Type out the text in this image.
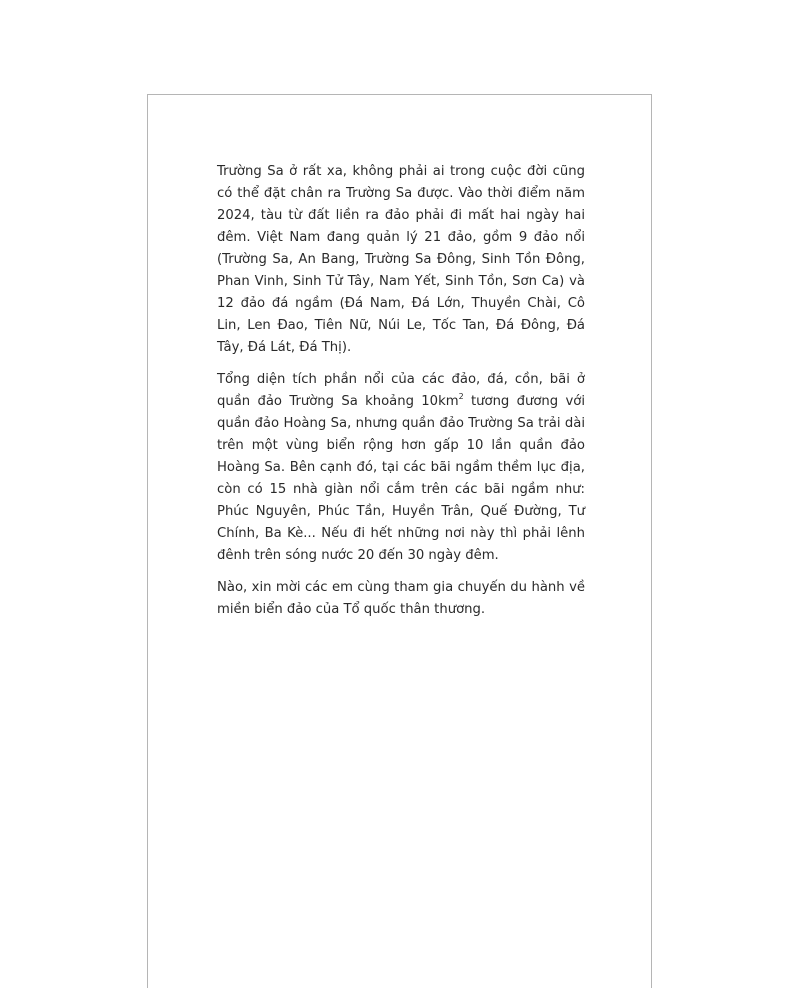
Trường Sa ở rất xa, không phải ai trong cuộc đời cũng có thể đặt chân ra Trường Sa được. Vào thời điểm năm 2024, tàu từ đất liền ra đảo phải đi mất hai ngày hai đêm. Việt Nam đang quản lý 21 đảo, gồm 9 đảo nổi (Trường Sa, An Bang, Trường Sa Đông, Sinh Tồn Đông, Phan Vinh, Sinh Tử Tây, Nam Yết, Sinh Tồn, Sơn Ca) và 12 đảo đá ngầm (Đá Nam, Đá Lớn, Thuyền Chài, Cô Lin, Len Đao, Tiên Nữ, Núi Le, Tốc Tan, Đá Đông, Đá Tây, Đá Lát, Đá Thị).

Tổng diện tích phần nổi của các đảo, đá, cồn, bãi ở quần đảo Trường Sa khoảng $10km^2$ tương đương với quần đảo Hoàng Sa, nhưng quần đảo Trường Sa trải dài trên một vùng biển rộng hơn gấp 10 lần quần đảo Hoàng Sa. Bên cạnh đó, tại các bãi ngầm thềm lục địa, còn có 15 nhà giàn nổi cắm trên các bãi ngầm như: Phúc Nguyên, Phúc Tần, Huyền Trân, Quế Đường, Tư Chính, Ba Kè... Nếu đi hết những nơi này thì phải lênh đênh trên sóng nước 20 đến 30 ngày đêm.

Nào, xin mời các em cùng tham gia chuyến du hành về miền biển đảo của Tổ quốc thân thương.
